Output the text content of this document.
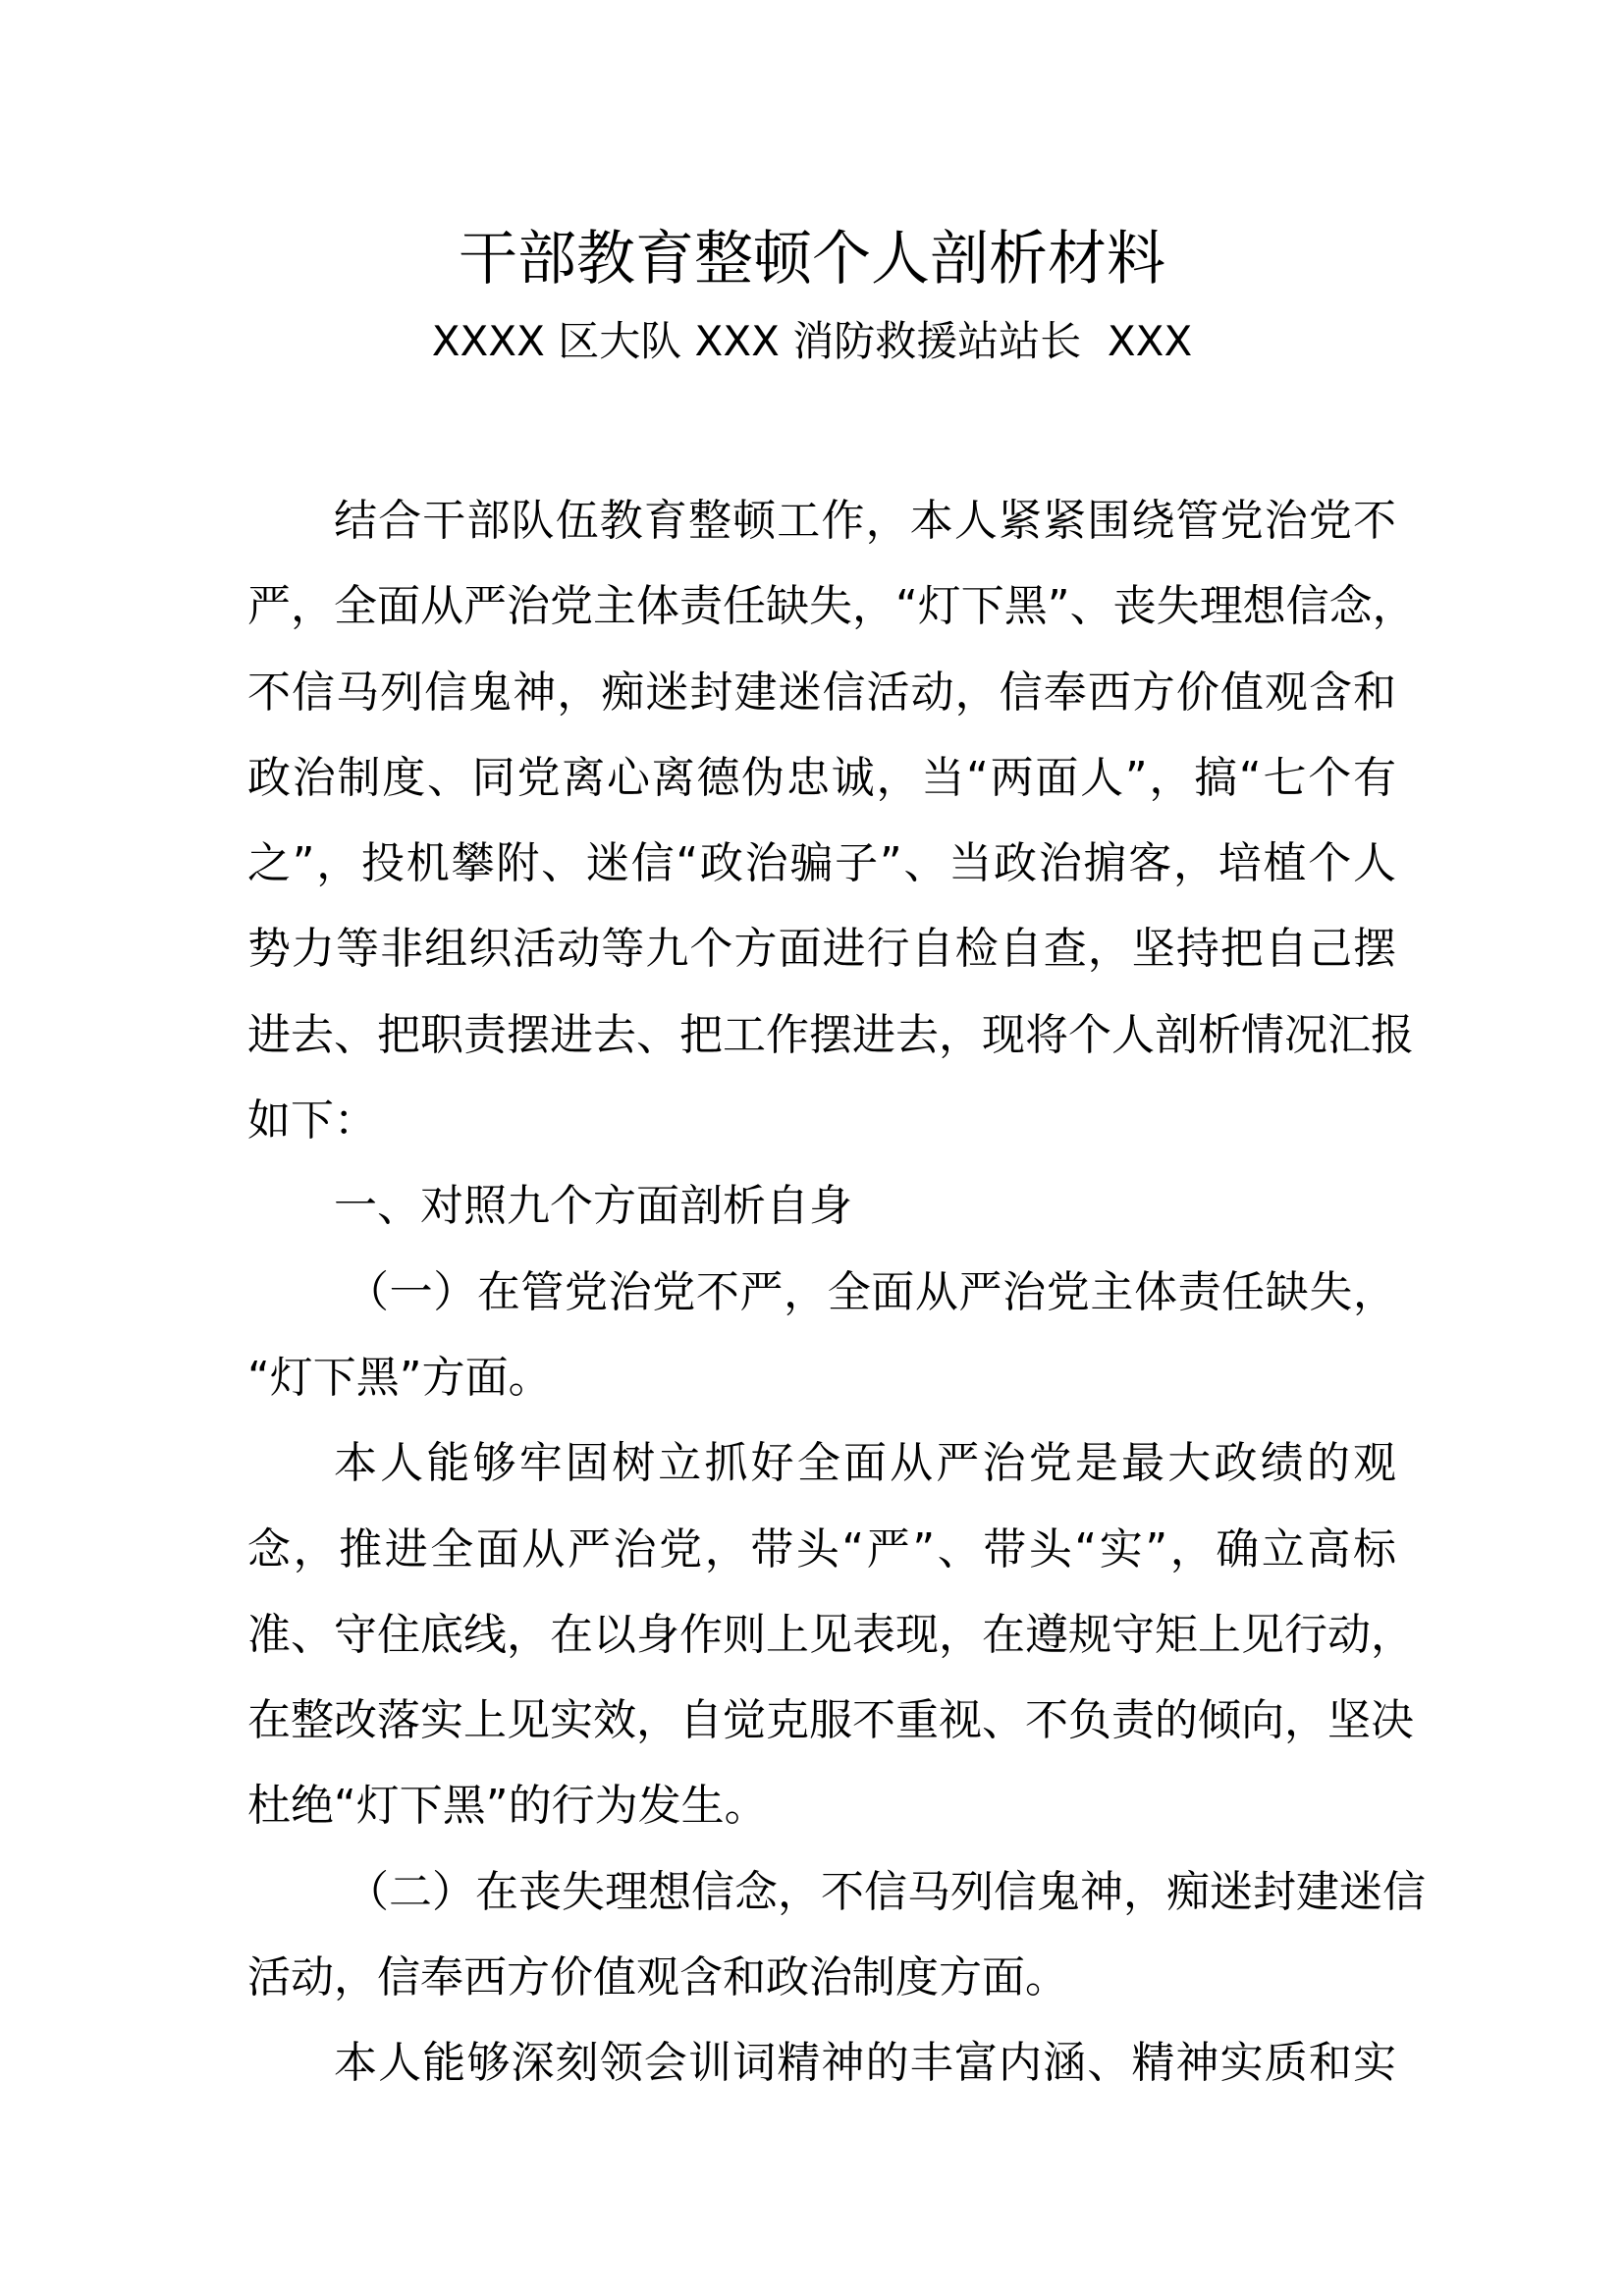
干部教育整顿个人剖析材料
XXXX 区大队 XXX 消防救援站站长  XXX
结合干部队伍教育整顿工作，本人紧紧围绕管党治党不
严，全面从严治党主体责任缺失，“灯下黑”、丧失理想信念，
不信马列信鬼神，痴迷封建迷信活动，信奉西方价值观含和
政治制度、同党离心离德伪忠诚，当“两面人”，搞“七个有
之”，投机攀附、迷信“政治骗子”、当政治掮客，培植个人
势力等非组织活动等九个方面进行自检自查，坚持把自己摆
进去、把职责摆进去、把工作摆进去，现将个人剖析情况汇报
如下：
一、对照九个方面剖析自身
（一）在管党治党不严，全面从严治党主体责任缺失，
“灯下黑”方面。
本人能够牢固树立抓好全面从严治党是最大政绩的观
念，推进全面从严治党，带头“严”、带头“实”，确立高标
准、守住底线，在以身作则上见表现，在遵规守矩上见行动，
在整改落实上见实效，自觉克服不重视、不负责的倾向，坚决
杜绝“灯下黑”的行为发生。
（二）在丧失理想信念，不信马列信鬼神，痴迷封建迷信
活动，信奉西方价值观含和政治制度方面。
本人能够深刻领会训词精神的丰富内涵、精神实质和实
